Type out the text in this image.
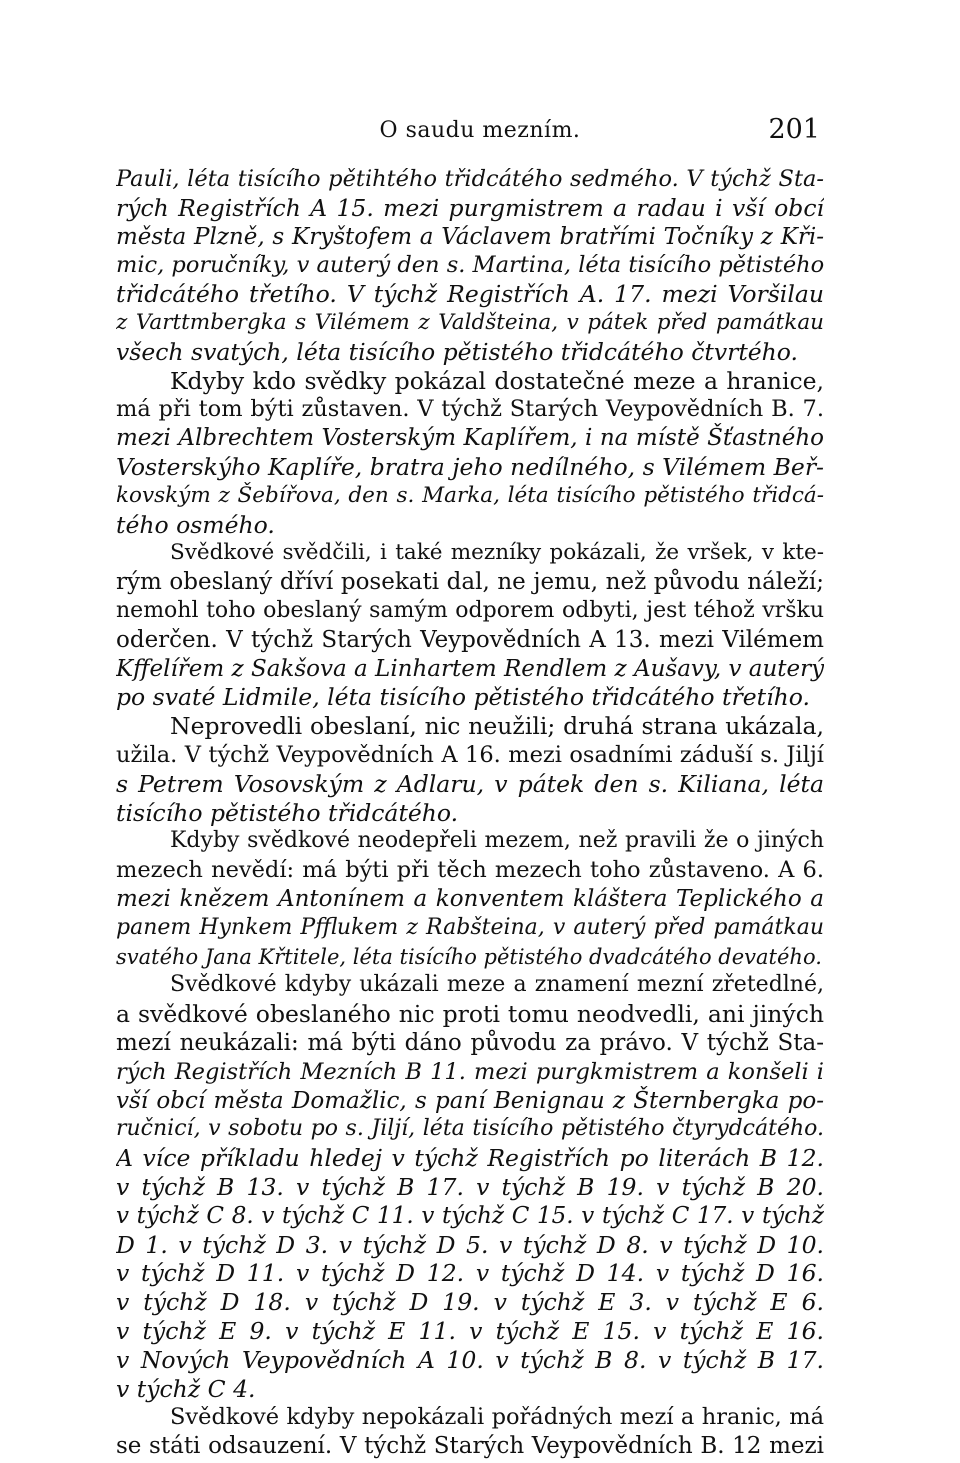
O saudu mezním.	201
Pauli, léta tisícího pětihtého třidcátého sedmého. V týchž Sta-
rých Registřích A 15. mezi purgmistrem a radau i vší obcí
města Plzně, s Kryštofem a Václavem bratřími Točníky z Kři-
mic, poručníky, v auterý den s. Martina, léta tisícího pětistého
třidcátého třetího. V týchž Registřích A. 17. mezi Voršilau
z Varttmbergka s Vilémem z Valdšteina, v pátek před památkau
všech svatých, léta tisícího pětistého třidcátého čtvrtého.
Kdyby kdo svědky pokázal dostatečné meze a hranice,
má při tom býti zůstaven. V týchž Starých Veypovědních B. 7.
mezi Albrechtem Vosterským Kaplířem, i na místě Šťastného
Vosterskýho Kaplíře, bratra jeho nedílného, s Vilémem Beř-
kovským z Šebířova, den s. Marka, léta tisícího pětistého třidcá-
tého osmého.
Svědkové svědčili, i také mezníky pokázali, že vršek, v kte-
rým obeslaný dříví posekati dal, ne jemu, než původu náleží;
nemohl toho obeslaný samým odporem odbyti, jest téhož vršku
oderčen. V týchž Starých Veypovědních A 13. mezi Vilémem
Kffelířem z Sakšova a Linhartem Rendlem z Aušavy, v auterý
po svaté Lidmile, léta tisícího pětistého třidcátého třetího.
Neprovedli obeslaní, nic neužili; druhá strana ukázala,
užila. V týchž Veypovědních A 16. mezi osadními záduší s. Jiljí
s Petrem Vosovským z Adlaru, v pátek den s. Kiliana, léta
tisícího pětistého třidcátého.
Kdyby svědkové neodepřeli mezem, než pravili že o jiných
mezech nevědí: má býti při těch mezech toho zůstaveno. A 6.
mezi knězem Antonínem a konventem kláštera Teplického a
panem Hynkem Pfflukem z Rabšteina, v auterý před památkau
svatého Jana Křtitele, léta tisícího pětistého dvadcátého devatého.
Svědkové kdyby ukázali meze a znamení mezní zřetedlné,
a svědkové obeslaného nic proti tomu neodvedli, ani jiných
mezí neukázali: má býti dáno původu za právo. V týchž Sta-
rých Registřích Mezních B 11. mezi purgkmistrem a konšeli i
vší obcí města Domažlic, s paní Benignau z Šternbergka po-
ručnicí, v sobotu po s. Jiljí, léta tisícího pětistého čtyrydcátého.
A více příkladu hledej v týchž Registřích po literách B 12.
v týchž B 13. v týchž B 17. v týchž B 19. v týchž B 20.
v týchž C 8. v týchž C 11. v týchž C 15. v týchž C 17. v týchž
D 1. v týchž D 3. v týchž D 5. v týchž D 8. v týchž D 10.
v týchž D 11. v týchž D 12. v týchž D 14. v týchž D 16.
v týchž D 18. v týchž D 19. v týchž E 3. v týchž E 6.
v týchž E 9. v týchž E 11. v týchž E 15. v týchž E 16.
v Nových Veypovědních A 10. v týchž B 8. v týchž B 17.
v týchž C 4.
Svědkové kdyby nepokázali pořádných mezí a hranic, má
se státi odsauzení. V týchž Starých Veypovědních B. 12 mezi
